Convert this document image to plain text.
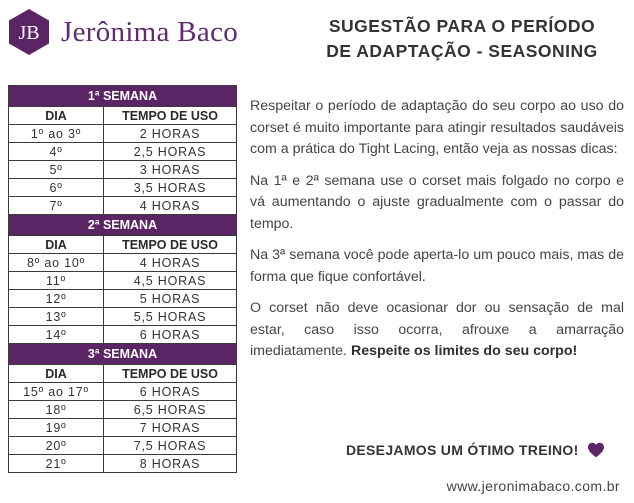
JB Jerônima Baco	SUGESTÃO PARA O PERÍODO
DE ADAPTAÇÃO - SEASONING
1ª SEMANA	
DIA	TEMPO DE USO
1º ao 3º	2 HORAS
4º	2,5 HORAS
5º	3 HORAS
6º	3,5 HORAS
7º	4 HORAS
2ª SEMANA	
DIA	TEMPO DE USO
8º ao 10º	4 HORAS
11º	4,5 HORAS
12º	5 HORAS
13º	5,5 HORAS
14º	6 HORAS
3ª SEMANA	
DIA	TEMPO DE USO
15º ao 17º	6 HORAS
18º	6,5 HORAS
19º	7 HORAS
20º	7,5 HORAS
21º	8 HORAS

Respeitar o período de adaptação do seu corpo ao uso do corset é muito importante para atingir resultados saudáveis com a prática do Tight Lacing, então veja as nossas dicas:

Na 1ª e 2ª semana use o corset mais folgado no corpo e vá aumentando o ajuste gradualmente com o passar do tempo.

Na 3ª semana você pode aperta-lo um pouco mais, mas de forma que fique confortável.

O corset não deve ocasionar dor ou sensação de mal estar, caso isso ocorra, afrouxe a amarração imediatamente. Respeite os limites do seu corpo!

DESEJAMOS UM ÓTIMO TREINO!
www.jeronimabaco.com.br
